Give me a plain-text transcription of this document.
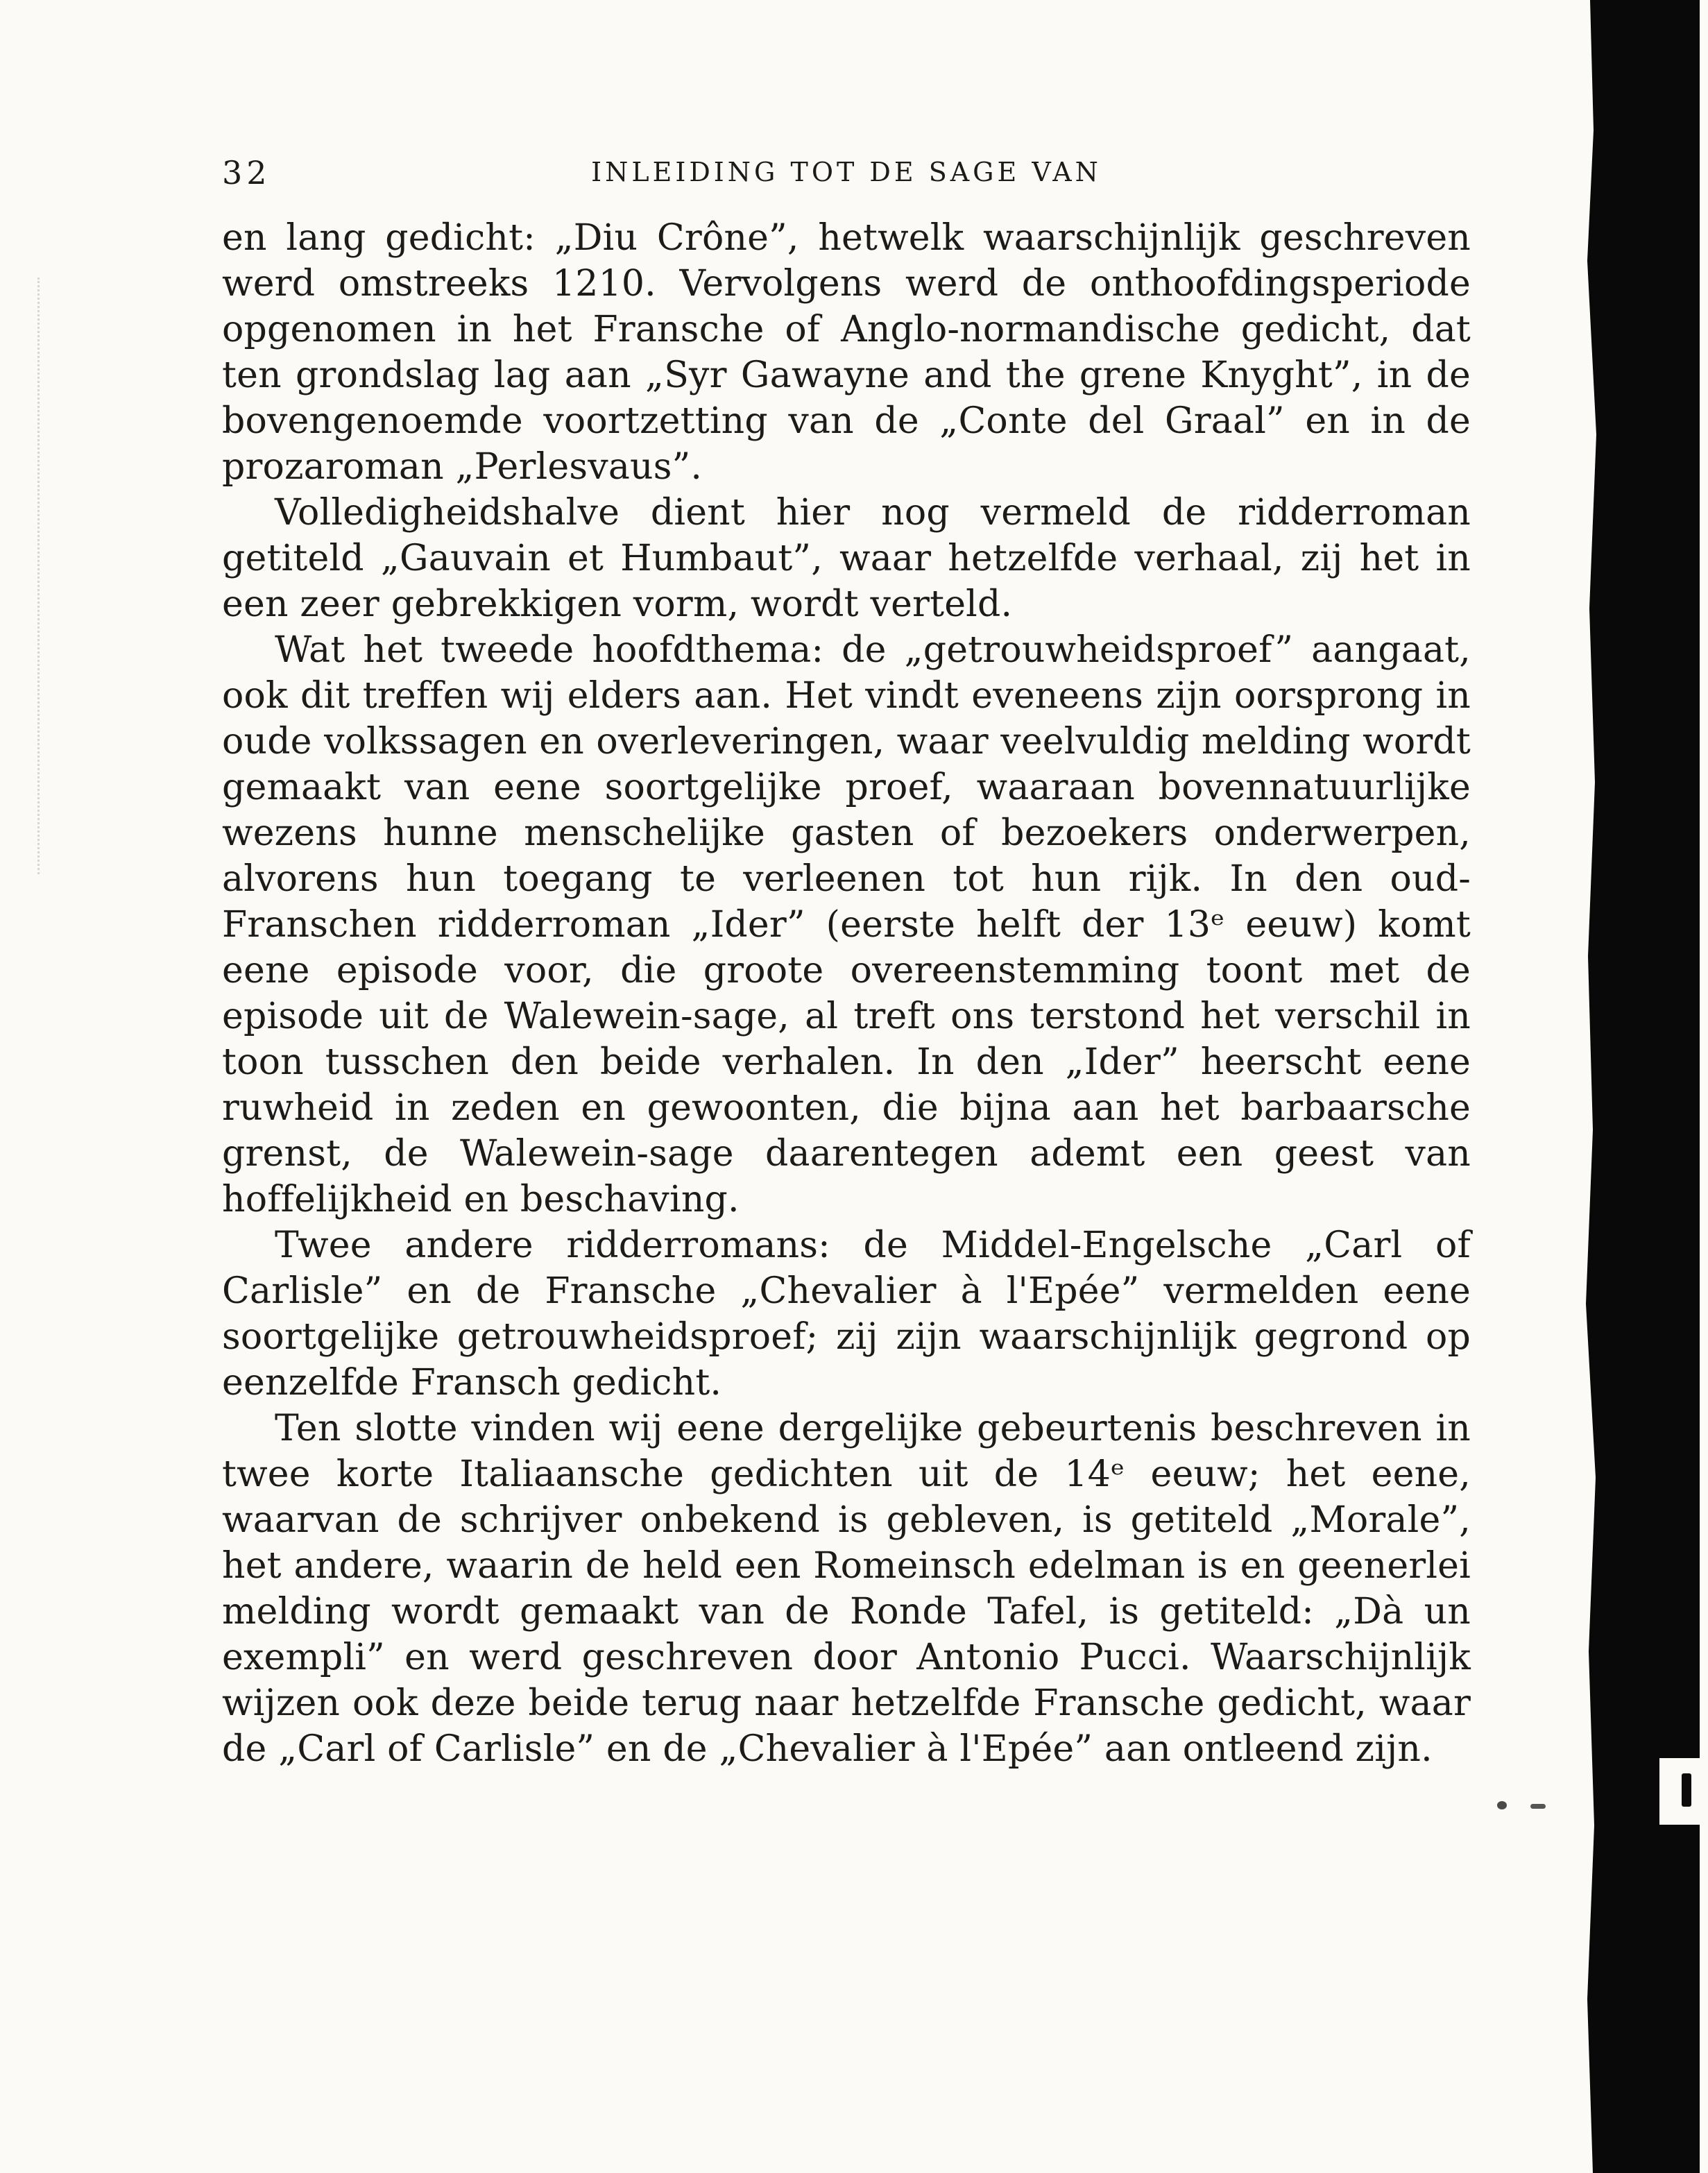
32	INLEIDING TOT DE SAGE VAN

en lang gedicht: „Diu Crône”, hetwelk waarschijnlijk geschreven werd omstreeks 1210. Vervolgens werd de onthoofdingsperiode opgenomen in het Fransche of Anglo-normandische gedicht, dat ten grondslag lag aan „Syr Gawayne and the grene Knyght”, in de bovengenoemde voortzetting van de „Conte del Graal” en in de prozaroman „Perlesvaus”.

Volledigheidshalve dient hier nog vermeld de ridderroman getiteld „Gauvain et Humbaut”, waar hetzelfde verhaal, zij het in een zeer gebrekkigen vorm, wordt verteld.

Wat het tweede hoofdthema: de „getrouwheidsproef” aangaat, ook dit treffen wij elders aan. Het vindt eveneens zijn oorsprong in oude volkssagen en overleveringen, waar veelvuldig melding wordt gemaakt van eene soortgelijke proef, waaraan bovennatuurlijke wezens hunne menschelijke gasten of bezoekers onderwerpen, alvorens hun toegang te verleenen tot hun rijk. In den oud-Franschen ridderroman „Ider” (eerste helft der 13ᵉ eeuw) komt eene episode voor, die groote overeenstemming toont met de episode uit de Walewein-sage, al treft ons terstond het verschil in toon tusschen den beide verhalen. In den „Ider” heerscht eene ruwheid in zeden en gewoonten, die bijna aan het barbaarsche grenst, de Walewein-sage daarentegen ademt een geest van hoffelijkheid en beschaving.

Twee andere ridderromans: de Middel-Engelsche „Carl of Carlisle” en de Fransche „Chevalier à l'Epée” vermelden eene soortgelijke getrouwheidsproef; zij zijn waarschijnlijk gegrond op eenzelfde Fransch gedicht.

Ten slotte vinden wij eene dergelijke gebeurtenis beschreven in twee korte Italiaansche gedichten uit de 14ᵉ eeuw; het eene, waarvan de schrijver onbekend is gebleven, is getiteld „Morale”, het andere, waarin de held een Romeinsch edelman is en geenerlei melding wordt gemaakt van de Ronde Tafel, is getiteld: „Dà un exempli” en werd geschreven door Antonio Pucci. Waarschijnlijk wijzen ook deze beide terug naar hetzelfde Fransche gedicht, waar de „Carl of Carlisle” en de „Chevalier à l'Epée” aan ontleend zijn.
